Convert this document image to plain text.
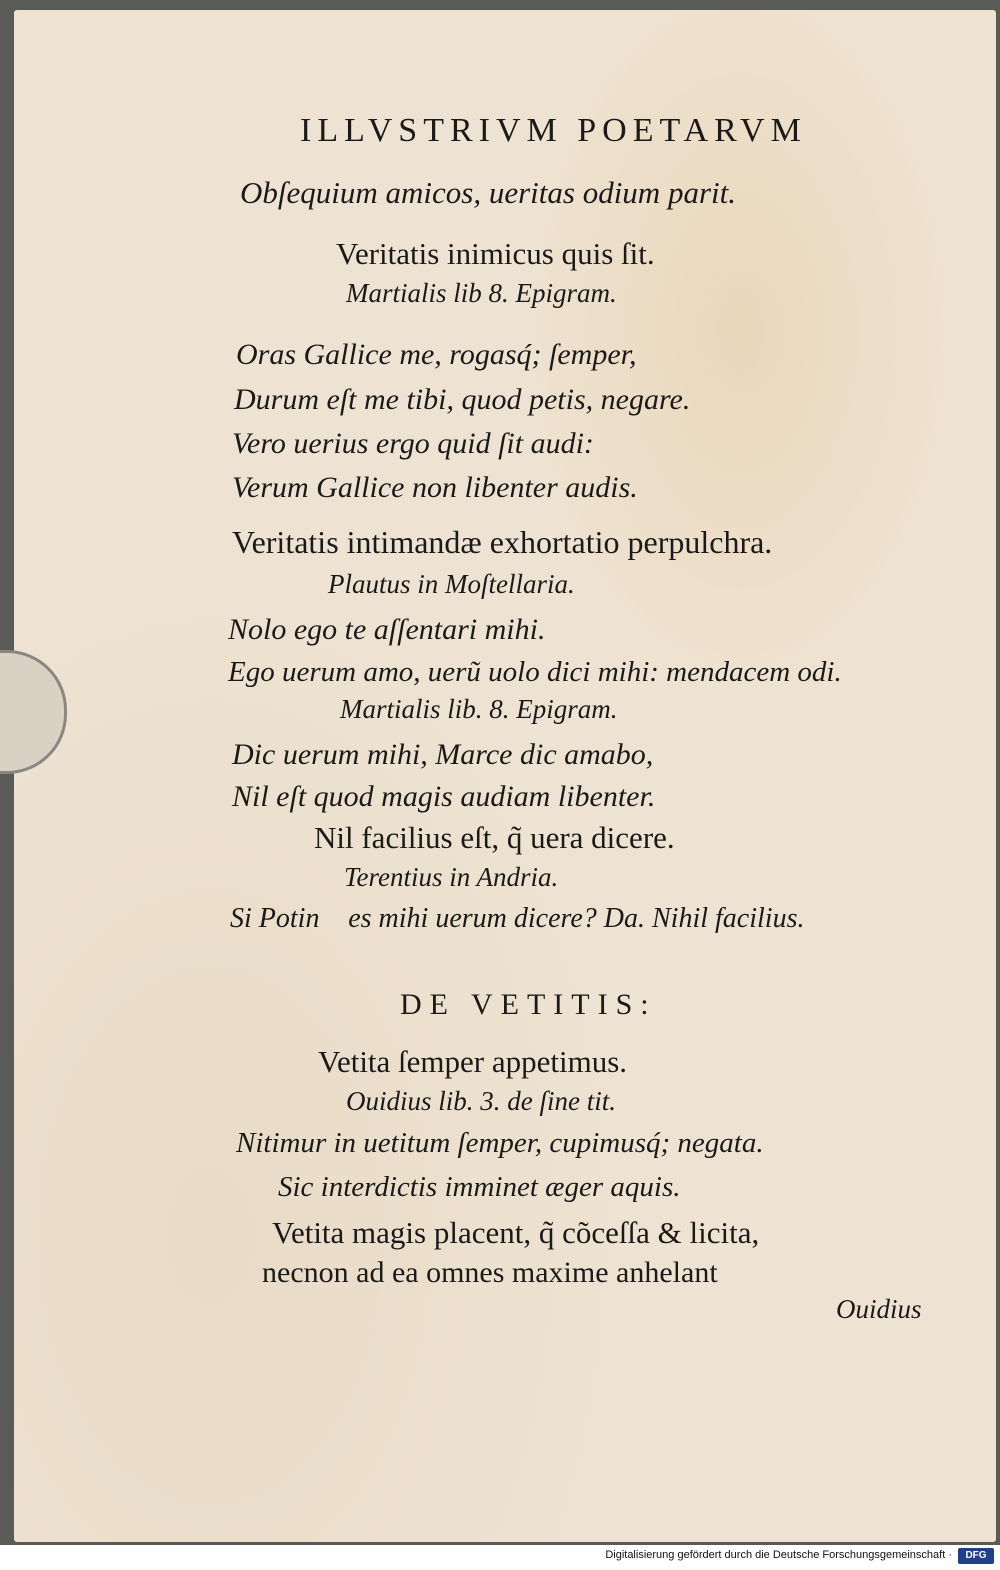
ILLVSTRIVM POETARVM

Obſequium amicos, ueritas odium parit.

Veritatis inimicus quis ſit.

Martialis lib 8. Epigram.

Oras Gallice me, rogasq́; ſemper,

Durum eſt me tibi, quod petis, negare.

Vero uerius ergo quid ſit audi:

Verum Gallice non libenter audis.

Veritatis intimandæ exhortatio perpulchra.

Plautus in Moſtellaria.

Nolo ego te aſſentari mihi.

Ego uerum amo, uerũ uolo dici mihi: mendacem odi.

Martialis lib. 8. Epigram.

Dic uerum mihi, Marce dic amabo,

Nil eſt quod magis audiam libenter.

Nil facilius eſt, q̃ uera dicere.

Terentius in Andria.

Si Potin᷒ es mihi uerum dicere? Da. Nihil facilius.

DE VETITIS:

Vetita ſemper appetimus.

Ouidius lib. 3. de ſine tit.

Nitimur in uetitum ſemper, cupimusq́; negata.

Sic interdictis imminet æger aquis.

Vetita magis placent, q̃ cõceſſa & licita,

necnon ad ea omnes maxime anhelant

Ouidius

Digitalisierung gefördert durch die Deutsche Forschungsgemeinschaft ·	DFG
